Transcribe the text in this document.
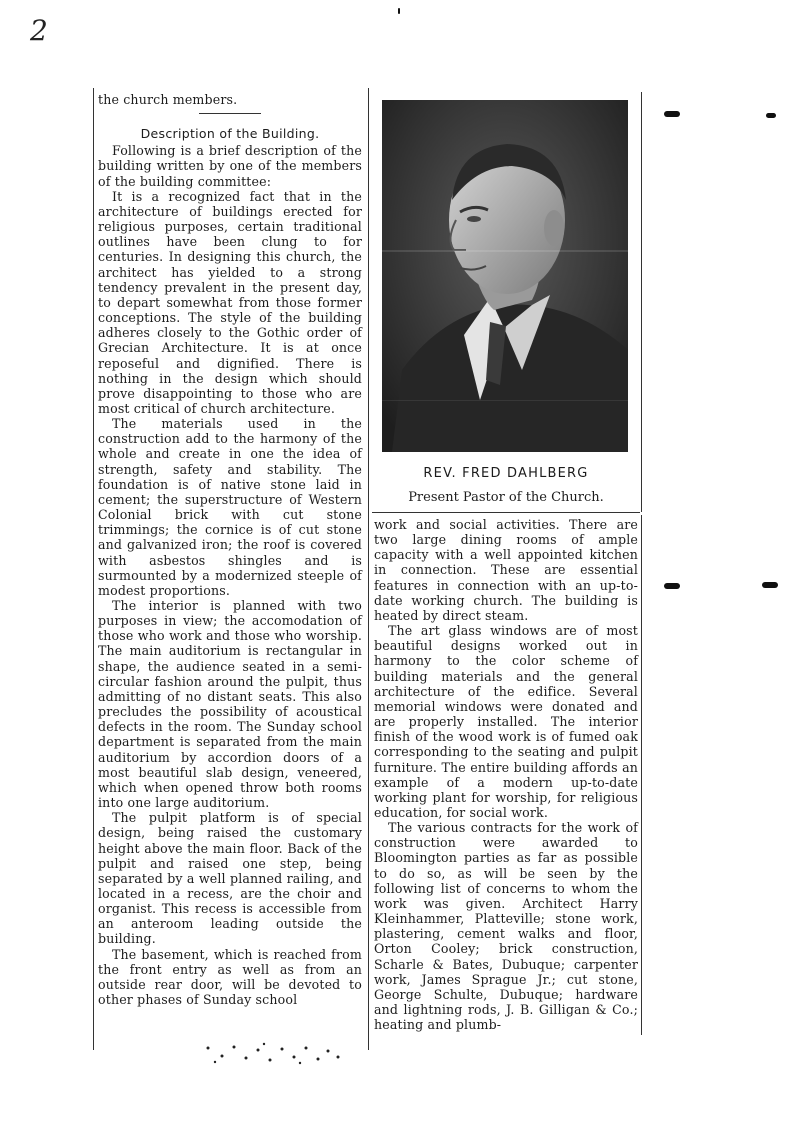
2

the church members.

Description of the Building.

Following is a brief description of the building written by one of the members of the building committee:

It is a recognized fact that in the architecture of buildings erected for religious purposes, certain traditional outlines have been clung to for centuries. In designing this church, the architect has yielded to a strong tendency prevalent in the present day, to depart somewhat from those former conceptions. The style of the building adheres closely to the Gothic order of Grecian Architecture. It is at once reposeful and dignified. There is nothing in the design which should prove disappointing to those who are most critical of church architecture.

The materials used in the construction add to the harmony of the whole and create in one the idea of strength, safety and stability. The foundation is of native stone laid in cement; the superstructure of Western Colonial brick with cut stone trimmings; the cornice is of cut stone and galvanized iron; the roof is covered with asbestos shingles and is surmounted by a modernized steeple of modest proportions.

The interior is planned with two purposes in view; the accomodation of those who work and those who worship. The main auditorium is rectangular in shape, the audience seated in a semi-circular fashion around the pulpit, thus admitting of no distant seats. This also precludes the possibility of acoustical defects in the room. The Sunday school department is separated from the main auditorium by accordion doors of a most beautiful slab design, veneered, which when opened throw both rooms into one large auditorium.

The pulpit platform is of special design, being raised the customary height above the main floor. Back of the pulpit and raised one step, being separated by a well planned railing, and located in a recess, are the choir and organist. This recess is accessible from an anteroom leading outside the building.

The basement, which is reached from the front entry as well as from an outside rear door, will be devoted to other phases of Sunday school

REV. FRED DAHLBERG
Present Pastor of the Church.

work and social activities. There are two large dining rooms of ample capacity with a well appointed kitchen in connection. These are essential features in connection with an up-to-date working church. The building is heated by direct steam.

The art glass windows are of most beautiful designs worked out in harmony to the color scheme of building materials and the general architecture of the edifice. Several memorial windows were donated and are properly installed. The interior finish of the wood work is of fumed oak corresponding to the seating and pulpit furniture. The entire building affords an example of a modern up-to-date working plant for worship, for religious education, for social work.

The various contracts for the work of construction were awarded to Bloomington parties as far as possible to do so, as will be seen by the following list of concerns to whom the work was given. Architect Harry Kleinhammer, Platteville; stone work, plastering, cement walks and floor, Orton Cooley; brick construction, Scharle & Bates, Dubuque; carpenter work, James Sprague Jr.; cut stone, George Schulte, Dubuque; hardware and lightning rods, J. B. Gilligan & Co.; heating and plumb-
